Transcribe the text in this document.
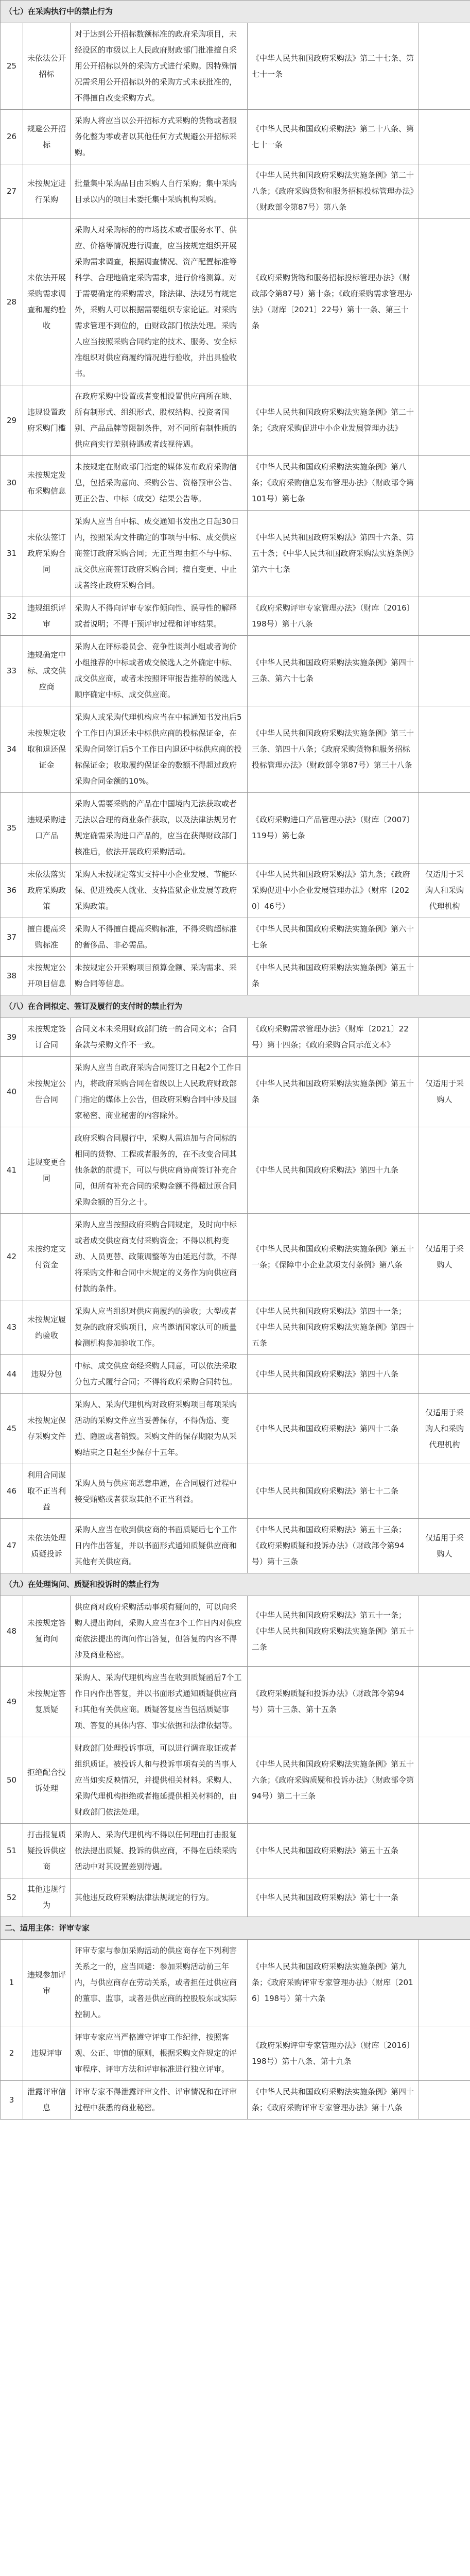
（七）在采购执行中的禁止行为				
25	未依法公开招标	对于达到公开招标数额标准的政府采购项目，未经设区的市级以上人民政府财政部门批准擅自采用公开招标以外的采购方式进行采购。因特殊情况需采用公开招标以外的采购方式未获批准的，不得擅自改变采购方式。	《中华人民共和国政府采购法》第二十七条、第七十一条	
26	规避公开招标	采购人将应当以公开招标方式采购的货物或者服务化整为零或者以其他任何方式规避公开招标采购。	《中华人民共和国政府采购法》第二十八条、第七十一条	
27	未按规定进行采购	批量集中采购品目由采购人自行采购；集中采购目录以内的项目未委托集中采购机构采购。	《中华人民共和国政府采购法实施条例》第二十八条；《政府采购货物和服务招标投标管理办法》（财政部令第87号）第八条	
28	未依法开展采购需求调查和履约验收	采购人对采购标的的市场技术或者服务水平、供应、价格等情况进行调查，应当按规定组织开展采购需求调查，根据调查情况、资产配置标准等科学、合理地确定采购需求，进行价格测算。对于需要确定的采购需求，除法律、法规另有规定外，采购人可以根据需要组织专家论证。对采购需求管理不到位的，由财政部门依法处理。采购人应当按照采购合同约定的技术、服务、安全标准组织对供应商履约情况进行验收，并出具验收书。	《政府采购货物和服务招标投标管理办法》（财政部令第87号）第十条；《政府采购需求管理办法》（财库〔2021〕22号）第十一条、第三十条	
29	违规设置政府采购门槛	在政府采购中设置或者变相设置供应商所在地、所有制形式、组织形式、股权结构、投资者国别、产品品牌等限制条件，对不同所有制性质的供应商实行差别待遇或者歧视待遇。	《中华人民共和国政府采购法实施条例》第二十条；《政府采购促进中小企业发展管理办法》	
30	未按规定发布采购信息	未按规定在财政部门指定的媒体发布政府采购信息，包括采购意向、采购公告、资格预审公告、更正公告、中标（成交）结果公告等。	《中华人民共和国政府采购法实施条例》第八条；《政府采购信息发布管理办法》（财政部令第101号）第七条	
31	未依法签订政府采购合同	采购人应当自中标、成交通知书发出之日起30日内，按照采购文件确定的事项与中标、成交供应商签订政府采购合同；无正当理由拒不与中标、成交供应商签订政府采购合同；擅自变更、中止或者终止政府采购合同。	《中华人民共和国政府采购法》第四十六条、第五十条；《中华人民共和国政府采购法实施条例》第六十七条	
32	违规组织评审	采购人不得向评审专家作倾向性、误导性的解释或者说明；不得干预评审过程和评审结果。	《政府采购评审专家管理办法》（财库〔2016〕198号）第十八条	
33	违规确定中标、成交供应商	采购人在评标委员会、竞争性谈判小组或者询价小组推荐的中标或者成交候选人之外确定中标、成交供应商，或者未按照评审报告推荐的候选人顺序确定中标、成交供应商。	《中华人民共和国政府采购法实施条例》第四十三条、第六十七条	
34	未按规定收取和退还保证金	采购人或采购代理机构应当在中标通知书发出后5个工作日内退还未中标供应商的投标保证金，在采购合同签订后5个工作日内退还中标供应商的投标保证金；收取履约保证金的数额不得超过政府采购合同金额的10%。	《中华人民共和国政府采购法实施条例》第三十三条、第四十八条；《政府采购货物和服务招标投标管理办法》（财政部令第87号）第三十八条	
35	违规采购进口产品	采购人需要采购的产品在中国境内无法获取或者无法以合理的商业条件获取，以及法律法规另有规定确需采购进口产品的，应当在获得财政部门核准后，依法开展政府采购活动。	《政府采购进口产品管理办法》（财库〔2007〕119号）第七条	
36	未依法落实政府采购政策	采购人未按规定落实支持中小企业发展、节能环保、促进残疾人就业、支持监狱企业发展等政府采购政策。	《中华人民共和国政府采购法》第九条；《政府采购促进中小企业发展管理办法》（财库〔2020〕46号）	仅适用于采购人和采购代理机构
37	擅自提高采购标准	采购人不得擅自提高采购标准，不得采购超标准的奢侈品、非必需品。	《中华人民共和国政府采购法实施条例》第六十七条	
38	未按规定公开项目信息	未按规定公开采购项目预算金额、采购需求、采购合同等信息。	《中华人民共和国政府采购法实施条例》第五十条	
（八）在合同拟定、签订及履行的支付时的禁止行为				
39	未按规定签订合同	合同文本未采用财政部门统一的合同文本；合同条款与采购文件不一致。	《政府采购需求管理办法》（财库〔2021〕22号）第十四条；《政府采购合同示范文本》	
40	未按规定公告合同	采购人应当自政府采购合同签订之日起2个工作日内，将政府采购合同在省级以上人民政府财政部门指定的媒体上公告，但政府采购合同中涉及国家秘密、商业秘密的内容除外。	《中华人民共和国政府采购法实施条例》第五十条	仅适用于采购人
41	违规变更合同	政府采购合同履行中，采购人需追加与合同标的相同的货物、工程或者服务的，在不改变合同其他条款的前提下，可以与供应商协商签订补充合同，但所有补充合同的采购金额不得超过原合同采购金额的百分之十。	《中华人民共和国政府采购法》第四十九条	
42	未按约定支付资金	采购人应当按照政府采购合同规定，及时向中标或者成交供应商支付采购资金；不得以机构变动、人员更替、政策调整等为由延迟付款，不得将采购文件和合同中未规定的义务作为向供应商付款的条件。	《中华人民共和国政府采购法实施条例》第五十一条；《保障中小企业款项支付条例》第八条	仅适用于采购人
43	未按规定履约验收	采购人应当组织对供应商履约的验收；大型或者复杂的政府采购项目，应当邀请国家认可的质量检测机构参加验收工作。	《中华人民共和国政府采购法》第四十一条；《中华人民共和国政府采购法实施条例》第四十五条	
44	违规分包	中标、成交供应商经采购人同意，可以依法采取分包方式履行合同；不得将政府采购合同转包。	《中华人民共和国政府采购法》第四十八条	
45	未按规定保存采购文件	采购人、采购代理机构对政府采购项目每项采购活动的采购文件应当妥善保存，不得伪造、变造、隐匿或者销毁。采购文件的保存期限为从采购结束之日起至少保存十五年。	《中华人民共和国政府采购法》第四十二条	仅适用于采购人和采购代理机构
46	利用合同谋取不正当利益	采购人员与供应商恶意串通，在合同履行过程中接受贿赂或者获取其他不正当利益。	《中华人民共和国政府采购法》第七十二条	
47	未依法处理质疑投诉	采购人应当在收到供应商的书面质疑后七个工作日内作出答复，并以书面形式通知质疑供应商和其他有关供应商。	《中华人民共和国政府采购法》第五十三条；《政府采购质疑和投诉办法》（财政部令第94号）第十三条	仅适用于采购人
（九）在处理询问、质疑和投诉时的禁止行为				
48	未按规定答复询问	供应商对政府采购活动事项有疑问的，可以向采购人提出询问，采购人应当在3个工作日内对供应商依法提出的询问作出答复，但答复的内容不得涉及商业秘密。	《中华人民共和国政府采购法》第五十一条；《中华人民共和国政府采购法实施条例》第五十二条	
49	未按规定答复质疑	采购人、采购代理机构应当在收到质疑函后7个工作日内作出答复，并以书面形式通知质疑供应商和其他有关供应商。质疑答复应当包括质疑事项、答复的具体内容、事实依据和法律依据等。	《政府采购质疑和投诉办法》（财政部令第94号）第十三条、第十五条	
50	拒绝配合投诉处理	财政部门处理投诉事项，可以进行调查取证或者组织质证。被投诉人和与投诉事项有关的当事人应当如实反映情况，并提供相关材料。采购人、采购代理机构拒绝或者拖延提供相关材料的，由财政部门依法处理。	《中华人民共和国政府采购法实施条例》第五十六条；《政府采购质疑和投诉办法》（财政部令第94号）第二十三条	
51	打击报复质疑投诉供应商	采购人、采购代理机构不得以任何理由打击报复依法提出质疑、投诉的供应商，不得在后续采购活动中对其设置差别待遇。	《中华人民共和国政府采购法》第五十五条	
52	其他违规行为	其他违反政府采购法律法规规定的行为。	《中华人民共和国政府采购法》第七十一条	
二、适用主体：评审专家				
1	违规参加评审	评审专家与参加采购活动的供应商存在下列利害关系之一的，应当回避：参加采购活动前三年内，与供应商存在劳动关系，或者担任过供应商的董事、监事，或者是供应商的控股股东或实际控制人。	《中华人民共和国政府采购法实施条例》第九条；《政府采购评审专家管理办法》（财库〔2016〕198号）第十六条	
2	违规评审	评审专家应当严格遵守评审工作纪律，按照客观、公正、审慎的原则，根据采购文件规定的评审程序、评审方法和评审标准进行独立评审。	《政府采购评审专家管理办法》（财库〔2016〕198号）第十八条、第十九条	
3	泄露评审信息	评审专家不得泄露评审文件、评审情况和在评审过程中获悉的商业秘密。	《中华人民共和国政府采购法实施条例》第四十条；《政府采购评审专家管理办法》第十八条	
